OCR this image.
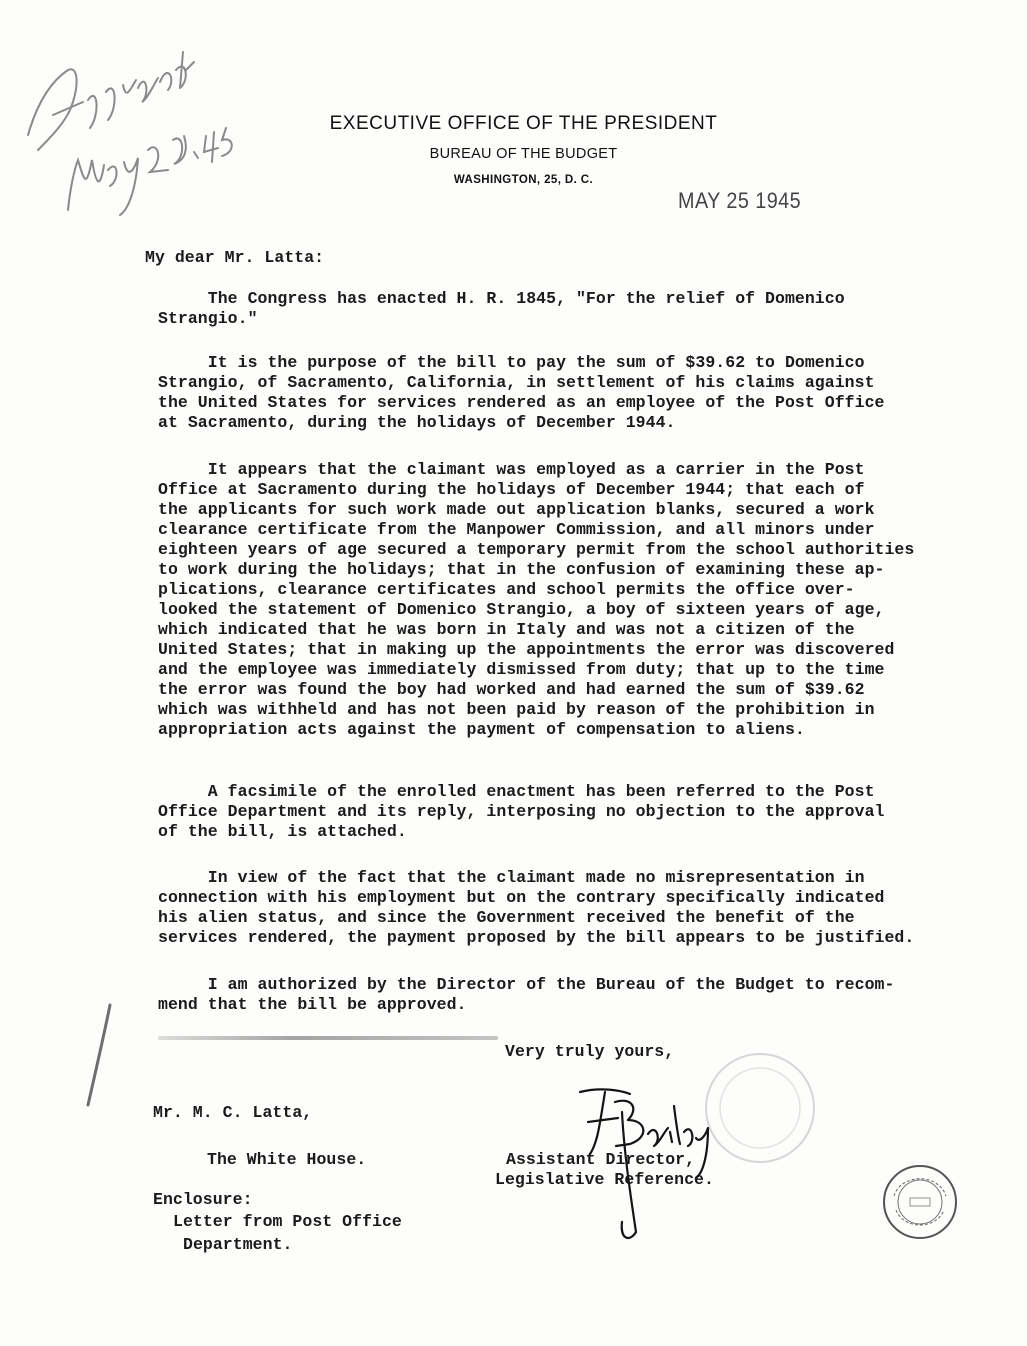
EXECUTIVE OFFICE OF THE PRESIDENT
BUREAU OF THE BUDGET
WASHINGTON, 25, D. C.
MAY 25 1945
My dear Mr. Latta:
The Congress has enacted H. R. 1845, "For the relief of Domenico
Strangio."
It is the purpose of the bill to pay the sum of $39.62 to Domenico
Strangio, of Sacramento, California, in settlement of his claims against
the United States for services rendered as an employee of the Post Office
at Sacramento, during the holidays of December 1944.
It appears that the claimant was employed as a carrier in the Post
Office at Sacramento during the holidays of December 1944; that each of
the applicants for such work made out application blanks, secured a work
clearance certificate from the Manpower Commission, and all minors under
eighteen years of age secured a temporary permit from the school authorities
to work during the holidays; that in the confusion of examining these ap-
plications, clearance certificates and school permits the office over-
looked the statement of Domenico Strangio, a boy of sixteen years of age,
which indicated that he was born in Italy and was not a citizen of the
United States; that in making up the appointments the error was discovered
and the employee was immediately dismissed from duty; that up to the time
the error was found the boy had worked and had earned the sum of $39.62
which was withheld and has not been paid by reason of the prohibition in
appropriation acts against the payment of compensation to aliens.
A facsimile of the enrolled enactment has been referred to the Post
Office Department and its reply, interposing no objection to the approval
of the bill, is attached.
In view of the fact that the claimant made no misrepresentation in
connection with his employment but on the contrary specifically indicated
his alien status, and since the Government received the benefit of the
services rendered, the payment proposed by the bill appears to be justified.
I am authorized by the Director of the Bureau of the Budget to recom-
mend that the bill be approved.
Very truly yours,
Mr. M. C. Latta,
The White House.	Assistant Director,
Legislative Reference.
Enclosure:
Letter from Post Office
Department.
